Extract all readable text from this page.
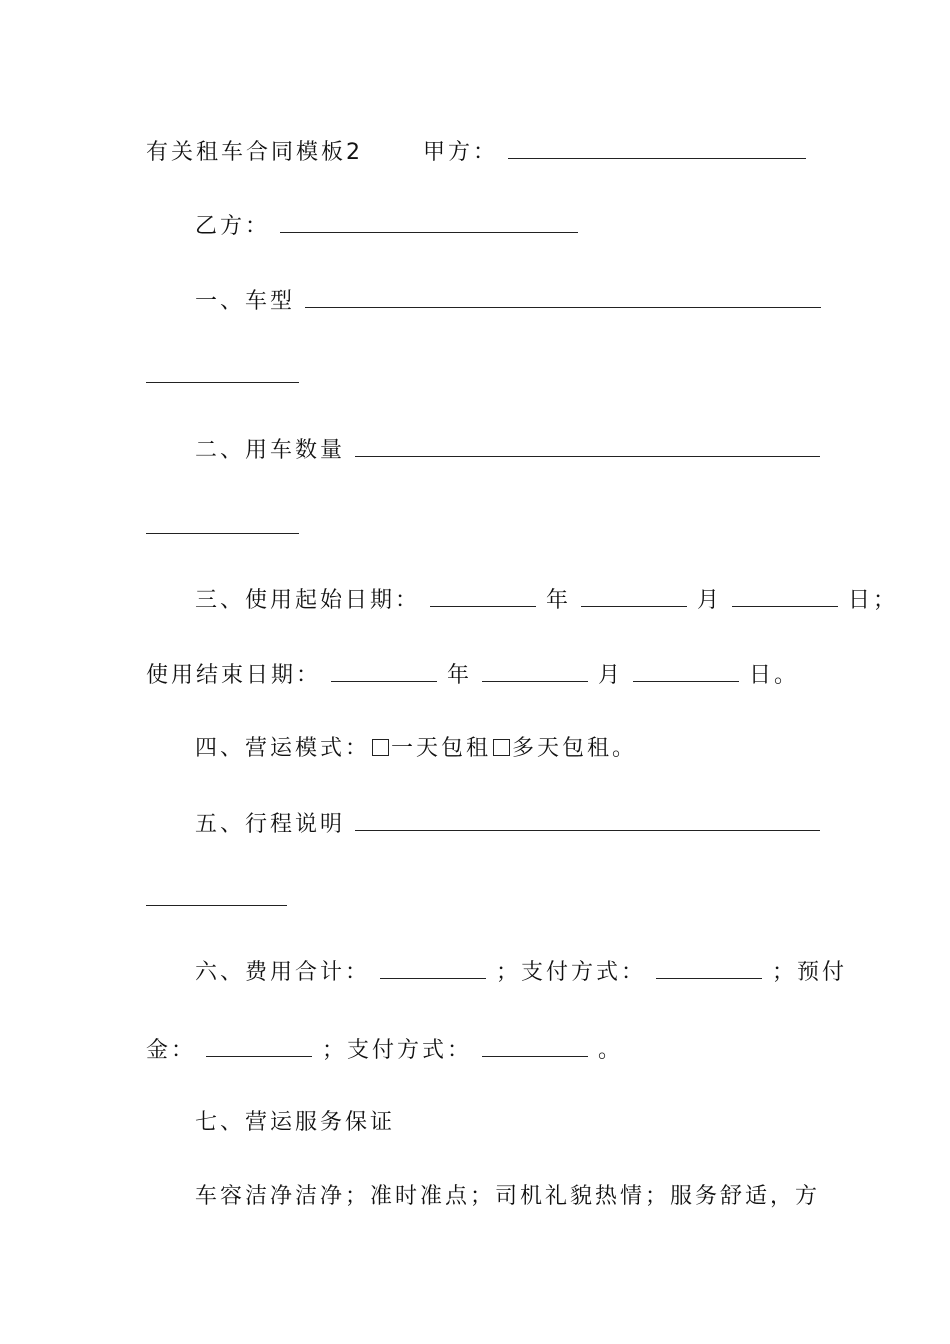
有关租车合同模板2	甲方：
乙方：
一、车型
二、用车数量
三、使用起始日期：	年	月	日；
使用结束日期：	年	月	日。
四、营运模式： 一天包租 多天包租。
五、行程说明
六、费用合计：	；支付方式：	；预付
金：	；支付方式：	。
七、营运服务保证
车容洁净洁净；准时准点；司机礼貌热情；服务舒适，方
